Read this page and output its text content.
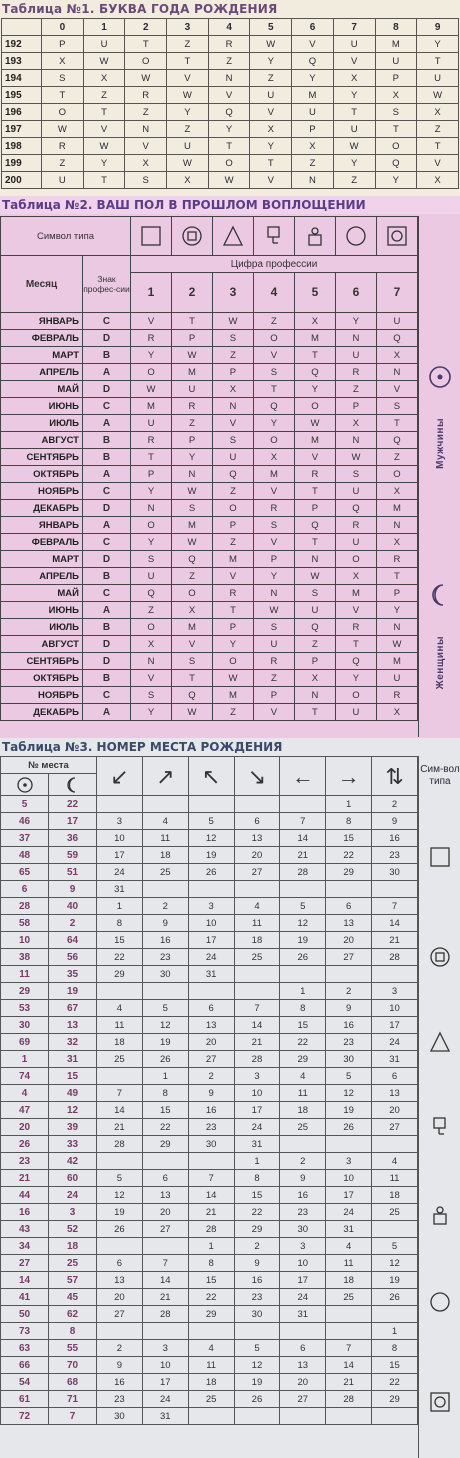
Таблица №1. БУКВА ГОДА РОЖДЕНИЯ
	0	1	2	3	4	5	6	7	8	9
192	P	U	T	Z	R	W	V	U	M	Y
193	X	W	O	T	Z	Y	Q	V	U	T
194	S	X	W	V	N	Z	Y	X	P	U
195	T	Z	R	W	V	U	M	Y	X	W
196	O	T	Z	Y	Q	V	U	T	S	X
197	W	V	N	Z	Y	X	P	U	T	Z
198	R	W	V	U	T	Y	X	W	O	T
199	Z	Y	X	W	O	T	Z	Y	Q	V
200	U	T	S	X	W	V	N	Z	Y	X
Таблица №2. ВАШ ПОЛ В ПРОШЛОМ ВОПЛОЩЕНИИ
Символ типа							
Месяц	Знак профес-сии	Цифра профессии						
		1	2	3	4	5	6	7
ЯНВАРЬ	C	V	T	W	Z	X	Y	U
ФЕВРАЛЬ	D	R	P	S	O	M	N	Q
МАРТ	B	Y	W	Z	V	T	U	X
АПРЕЛЬ	A	O	M	P	S	Q	R	N
МАЙ	D	W	U	X	T	Y	Z	V
ИЮНЬ	C	M	R	N	Q	O	P	S
ИЮЛЬ	A	U	Z	V	Y	W	X	T
АВГУСТ	B	R	P	S	O	M	N	Q
СЕНТЯБРЬ	B	T	Y	U	X	V	W	Z
ОКТЯБРЬ	A	P	N	Q	M	R	S	O
НОЯБРЬ	C	Y	W	Z	V	T	U	X
ДЕКАБРЬ	D	N	S	O	R	P	Q	M
ЯНВАРЬ	A	O	M	P	S	Q	R	N
ФЕВРАЛЬ	C	Y	W	Z	V	T	U	X
МАРТ	D	S	Q	M	P	N	O	R
АПРЕЛЬ	B	U	Z	V	Y	W	X	T
МАЙ	C	Q	O	R	N	S	M	P
ИЮНЬ	A	Z	X	T	W	U	V	Y
ИЮЛЬ	B	O	M	P	S	Q	R	N
АВГУСТ	D	X	V	Y	U	Z	T	W
СЕНТЯБРЬ	D	N	S	O	R	P	Q	M
ОКТЯБРЬ	B	V	T	W	Z	X	Y	U
НОЯБРЬ	C	S	Q	M	P	N	O	R
ДЕКАБРЬ	A	Y	W	Z	V	T	U	X
Мужчины
Женщины
Таблица №3. НОМЕР МЕСТА РОЖДЕНИЯ
№ места		↙	↗	↖	↘	←	→	⇅

5	22						1	2
46	17	3	4	5	6	7	8	9
37	36	10	11	12	13	14	15	16
48	59	17	18	19	20	21	22	23
65	51	24	25	26	27	28	29	30
6	9	31						
28	40	1	2	3	4	5	6	7
58	2	8	9	10	11	12	13	14
10	64	15	16	17	18	19	20	21
38	56	22	23	24	25	26	27	28
11	35	29	30	31				
29	19					1	2	3
53	67	4	5	6	7	8	9	10
30	13	11	12	13	14	15	16	17
69	32	18	19	20	21	22	23	24
1	31	25	26	27	28	29	30	31
74	15		1	2	3	4	5	6
4	49	7	8	9	10	11	12	13
47	12	14	15	16	17	18	19	20
20	39	21	22	23	24	25	26	27
26	33	28	29	30	31			
23	42				1	2	3	4
21	60	5	6	7	8	9	10	11
44	24	12	13	14	15	16	17	18
16	3	19	20	21	22	23	24	25
43	52	26	27	28	29	30	31	
34	18			1	2	3	4	5
27	25	6	7	8	9	10	11	12
14	57	13	14	15	16	17	18	19
41	45	20	21	22	23	24	25	26
50	62	27	28	29	30	31		
73	8							1
63	55	2	3	4	5	6	7	8
66	70	9	10	11	12	13	14	15
54	68	16	17	18	19	20	21	22
61	71	23	24	25	26	27	28	29
72	7	30	31					
Сим-вол типа
